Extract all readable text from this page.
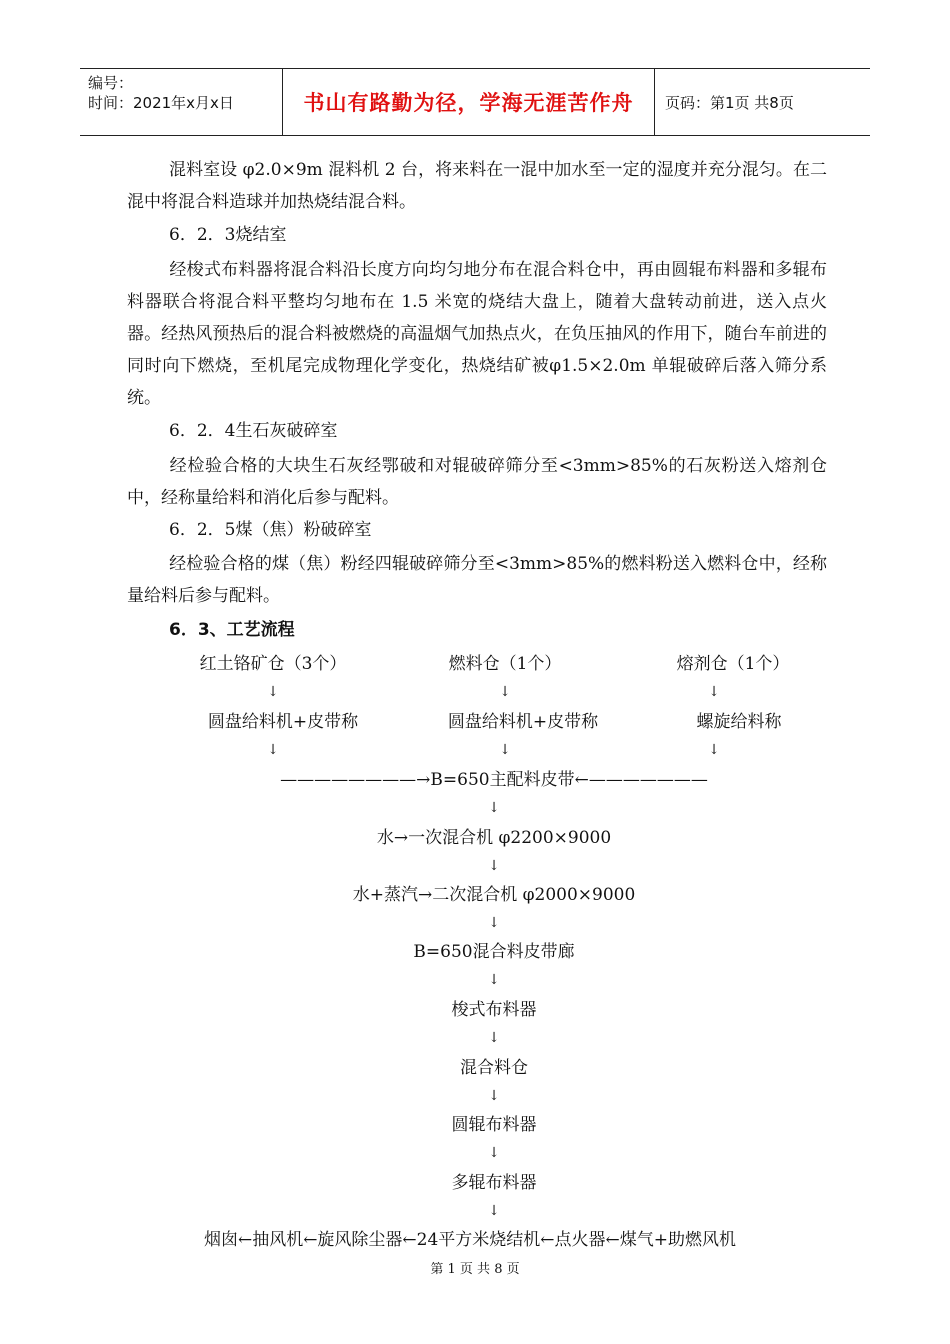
编号：
时间：2021年x月x日	书山有路勤为径，学海无涯苦作舟	页码：第1页 共8页

混料室设 φ2.0×9m 混料机 2 台，将来料在一混中加水至一定的湿度并充分混匀。在二混中将混合料造球并加热烧结混合料。

6．2．3烧结室

经梭式布料器将混合料沿长度方向均匀地分布在混合料仓中，再由圆辊布料器和多辊布料器联合将混合料平整均匀地布在 1.5 米宽的烧结大盘上，随着大盘转动前进，送入点火器。经热风预热后的混合料被燃烧的高温烟气加热点火，在负压抽风的作用下，随台车前进的同时向下燃烧，至机尾完成物理化学变化，热烧结矿被φ1.5×2.0m 单辊破碎后落入筛分系统。

6．2．4生石灰破碎室

经检验合格的大块生石灰经鄂破和对辊破碎筛分至<3mm>85%的石灰粉送入熔剂仓中，经称量给料和消化后参与配料。

6．2．5煤（焦）粉破碎室

经检验合格的煤（焦）粉经四辊破碎筛分至<3mm>85%的燃料粉送入燃料仓中，经称量给料后参与配料。

6．3、工艺流程
红土铬矿仓（3个）	燃料仓（1个）	熔剂仓（1个）
↓	↓	↓
圆盘给料机+皮带称	圆盘给料机+皮带称	螺旋给料称
↓	↓	↓
————————→B=650主配料皮带←———————
↓
水→一次混合机 φ2200×9000
↓
水+蒸汽→二次混合机 φ2000×9000
↓
B=650混合料皮带廊
↓
梭式布料器
↓
混合料仓
↓
圆辊布料器
↓
多辊布料器
↓
烟囱←抽风机←旋风除尘器←24平方米烧结机←点火器←煤气+助燃风机
第 1 页 共 8 页
